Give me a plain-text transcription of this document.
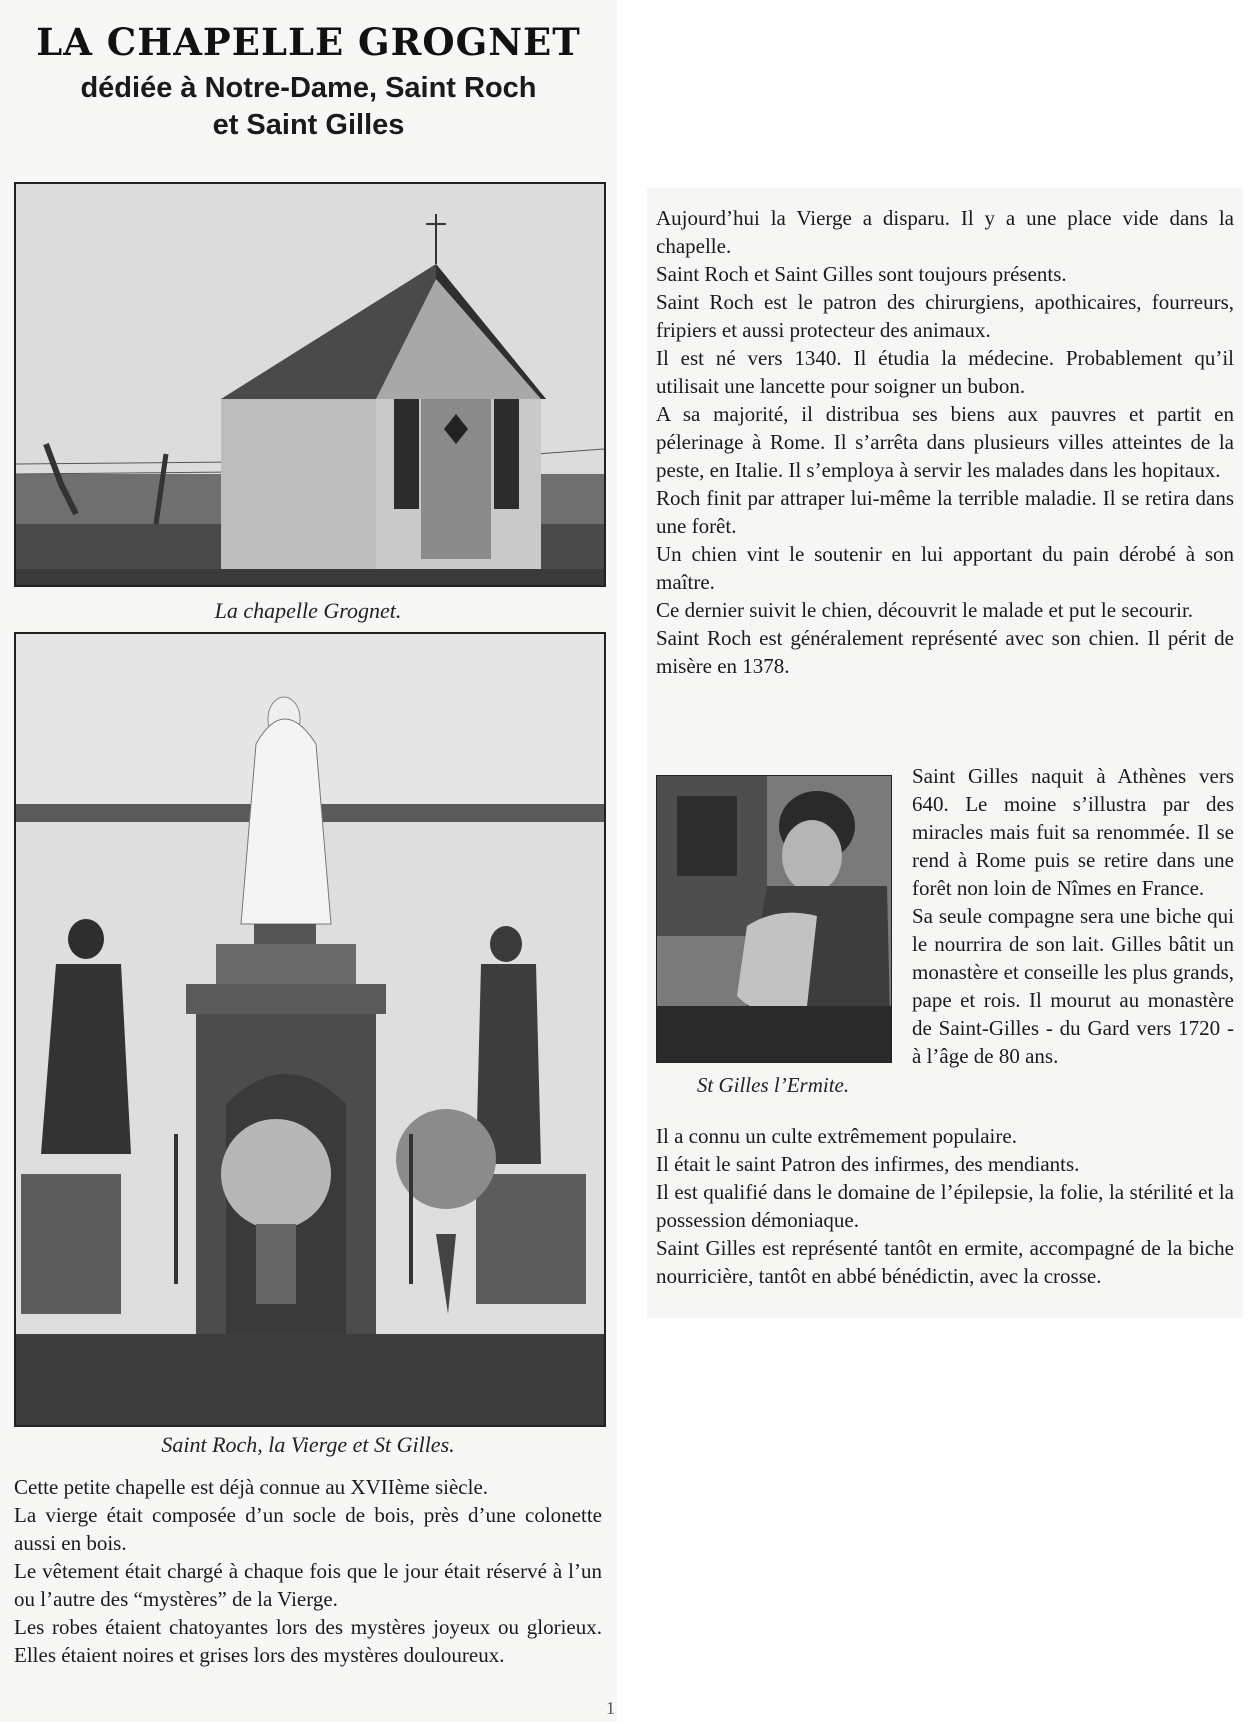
LA CHAPELLE GROGNET
dédiée à Notre-Dame, Saint Roch
et Saint Gilles
La chapelle Grognet.
Saint Roch, la Vierge et St Gilles.

Cette petite chapelle est déjà connue au XVIIème siècle.

La vierge était composée d’un socle de bois, près d’une colonette aussi en bois.

Le vêtement était chargé à chaque fois que le jour était réservé à l’un ou l’autre des “mystères” de la Vierge.

Les robes étaient chatoyantes lors des mystères joyeux ou glorieux. Elles étaient noires et grises lors des mystères douloureux.

1

Aujourd’hui la Vierge a disparu. Il y a une place vide dans la chapelle.

Saint Roch et Saint Gilles sont toujours présents.

Saint Roch est le patron des chirurgiens, apothicaires, fourreurs, fripiers et aussi protecteur des animaux.

Il est né vers 1340. Il étudia la médecine. Probablement qu’il utilisait une lancette pour soigner un bubon.

A sa majorité, il distribua ses biens aux pauvres et partit en pélerinage à Rome. Il s’arrêta dans plusieurs villes atteintes de la peste, en Italie. Il s’employa à servir les malades dans les hopitaux.

Roch finit par attraper lui-même la terrible maladie. Il se retira dans une forêt.

Un chien vint le soutenir en lui apportant du pain dérobé à son maître.

Ce dernier suivit le chien, découvrit le malade et put le secourir.

Saint Roch est généralement représenté avec son chien. Il périt de misère en 1378.

St Gilles l’Ermite.

Saint Gilles naquit à Athènes vers 640. Le moine s’illustra par des miracles mais fuit sa renommée. Il se rend à Rome puis se retire dans une forêt non loin de Nîmes en France.

Sa seule compagne sera une biche qui le nourrira de son lait. Gilles bâtit un monastère et conseille les plus grands, pape et rois. Il mourut au monastère de Saint-Gilles - du Gard vers 1720 - à l’âge de 80 ans.

Il a connu un culte extrêmement populaire.

Il était le saint Patron des infirmes, des mendiants.

Il est qualifié dans le domaine de l’épilepsie, la folie, la stérilité et la possession démoniaque.

Saint Gilles est représenté tantôt en ermite, accompagné de la biche nourricière, tantôt en abbé bénédictin, avec la crosse.
